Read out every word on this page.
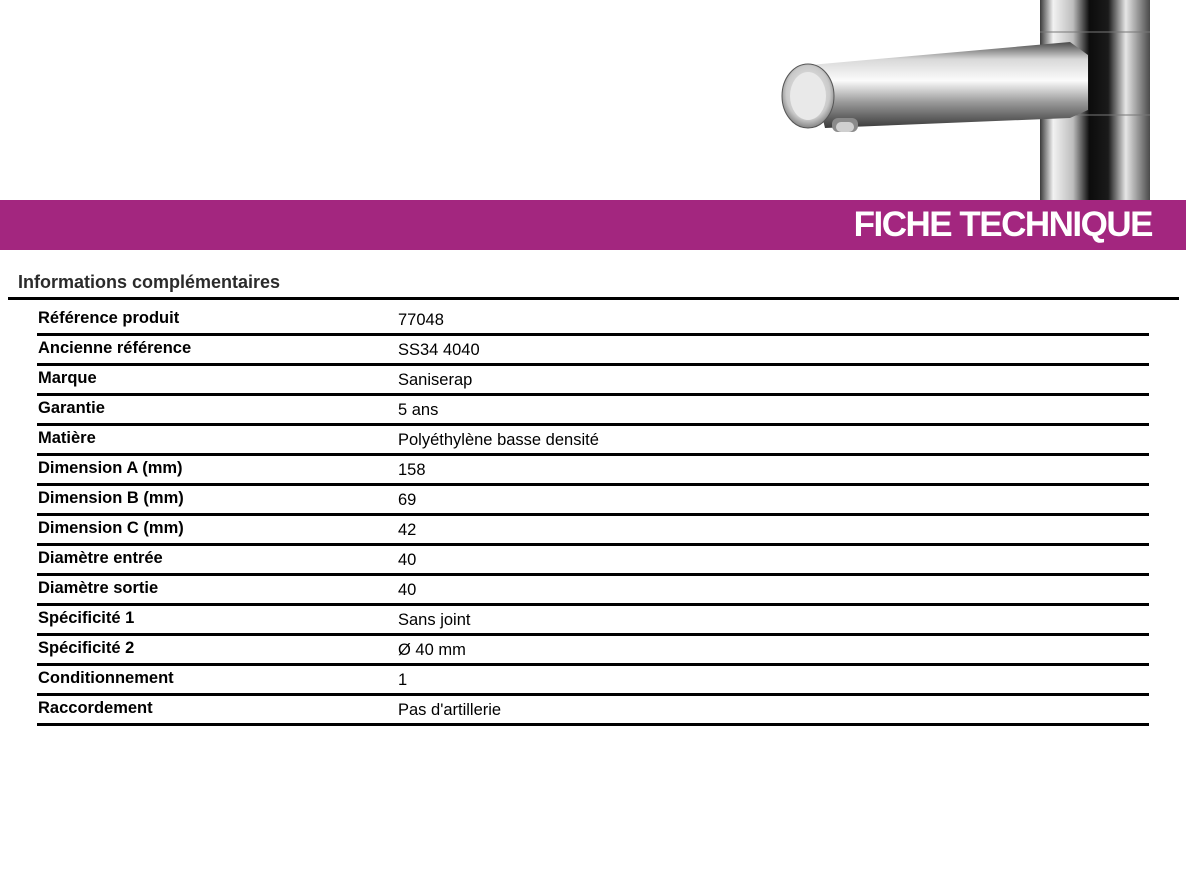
FICHE TECHNIQUE
Informations complémentaires
Référence produit	77048
Ancienne référence	SS34 4040
Marque	Saniserap
Garantie	5 ans
Matière	Polyéthylène basse densité
Dimension A (mm)	158
Dimension B (mm)	69
Dimension C (mm)	42
Diamètre entrée	40
Diamètre sortie	40
Spécificité 1	Sans joint
Spécificité 2	Ø 40 mm
Conditionnement	1
Raccordement	Pas d'artillerie
